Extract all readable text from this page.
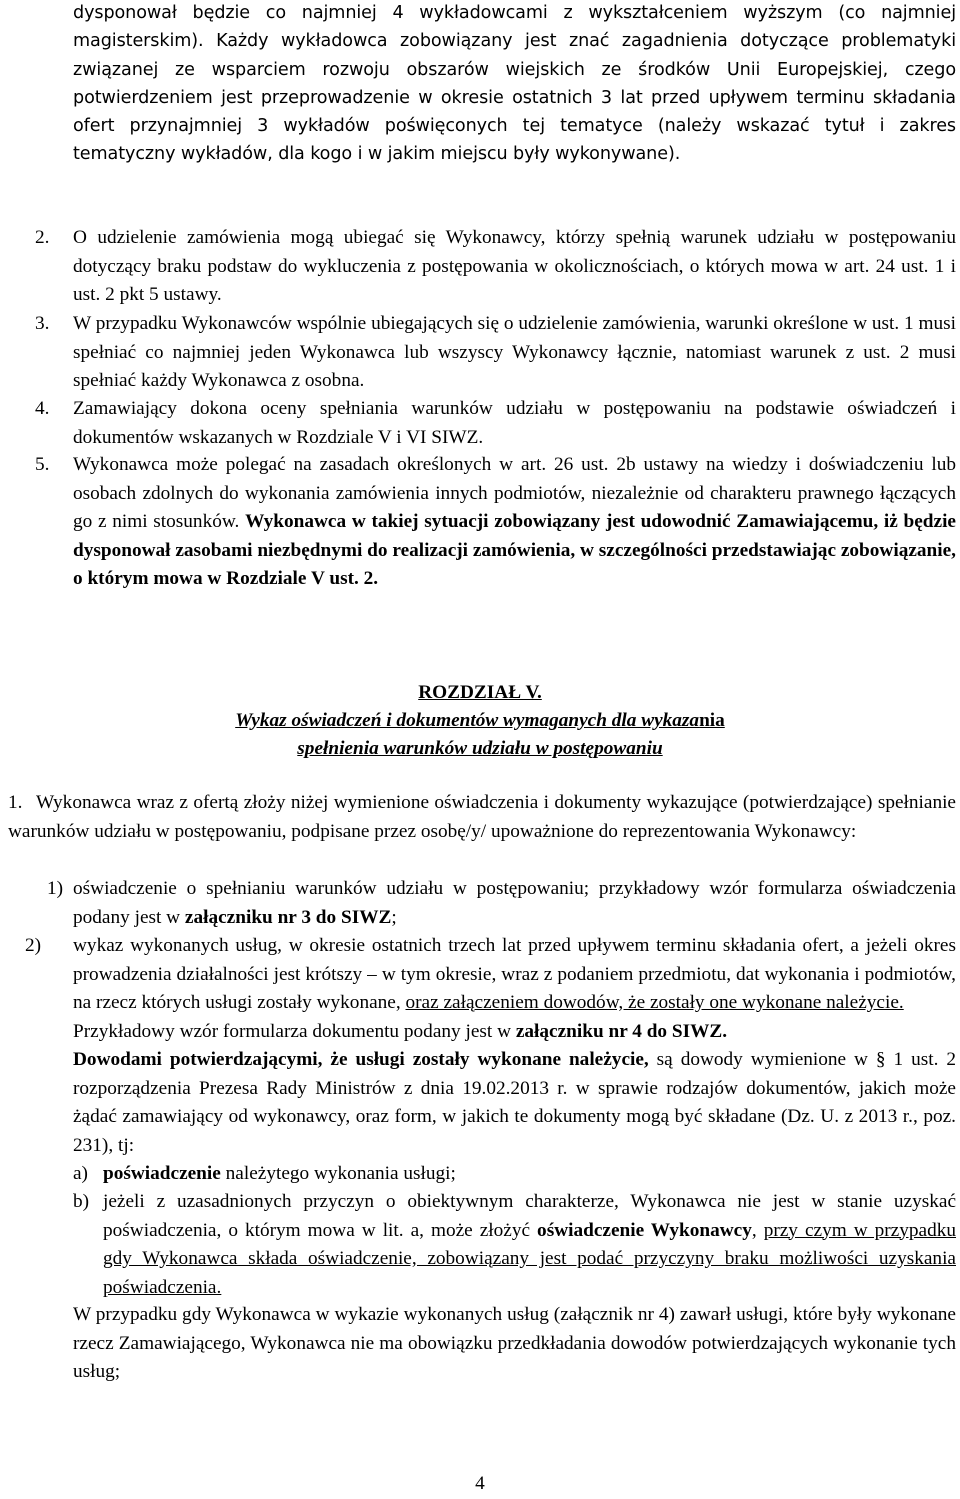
dysponował będzie co najmniej 4 wykładowcami z wykształceniem wyższym (co najmniej magisterskim). Każdy wykładowca zobowiązany jest znać zagadnienia dotyczące problematyki związanej ze wsparciem rozwoju obszarów wiejskich ze środków Unii Europejskiej, czego potwierdzeniem jest przeprowadzenie w okresie ostatnich 3 lat przed upływem terminu składania ofert przynajmniej 3 wykładów poświęconych tej tematyce (należy wskazać tytuł i zakres tematyczny wykładów, dla kogo i w jakim miejscu były wykonywane).
2. O udzielenie zamówienia mogą ubiegać się Wykonawcy, którzy spełnią warunek udziału w postępowaniu dotyczący braku podstaw do wykluczenia z postępowania w okolicznościach, o których mowa w art. 24 ust. 1 i ust. 2 pkt 5 ustawy.
3. W przypadku Wykonawców wspólnie ubiegających się o udzielenie zamówienia, warunki określone w ust. 1 musi spełniać co najmniej jeden Wykonawca lub wszyscy Wykonawcy łącznie, natomiast warunek z ust. 2 musi spełniać każdy Wykonawca z osobna.
4. Zamawiający dokona oceny spełniania warunków udziału w postępowaniu na podstawie oświadczeń i dokumentów wskazanych w Rozdziale V i VI SIWZ.
5. Wykonawca może polegać na zasadach określonych w art. 26 ust. 2b ustawy na wiedzy i doświadczeniu lub osobach zdolnych do wykonania zamówienia innych podmiotów, niezależnie od charakteru prawnego łączących go z nimi stosunków. Wykonawca w takiej sytuacji zobowiązany jest udowodnić Zamawiającemu, iż będzie dysponował zasobami niezbędnymi do realizacji zamówienia, w szczególności przedstawiając zobowiązanie, o którym mowa w Rozdziale V ust. 2.
ROZDZIAŁ V.
Wykaz oświadczeń i dokumentów wymaganych dla wykazania
spełnienia warunków udziału w postępowaniu
1. Wykonawca wraz z ofertą złoży niżej wymienione oświadczenia i dokumenty wykazujące (potwierdzające) spełnianie warunków udziału w postępowaniu, podpisane przez osobę/y/ upoważnione do reprezentowania Wykonawcy:
1) oświadczenie o spełnianiu warunków udziału w postępowaniu; przykładowy wzór formularza oświadczenia podany jest w załączniku nr 3 do SIWZ;
2) wykaz wykonanych usług, w okresie ostatnich trzech lat przed upływem terminu składania ofert, a jeżeli okres prowadzenia działalności jest krótszy – w tym okresie, wraz z podaniem przedmiotu, dat wykonania i podmiotów, na rzecz których usługi zostały wykonane, oraz załączeniem dowodów, że zostały one wykonane należycie.
Przykładowy wzór formularza dokumentu podany jest w załączniku nr 4 do SIWZ.
Dowodami potwierdzającymi, że usługi zostały wykonane należycie, są dowody wymienione w § 1 ust. 2 rozporządzenia Prezesa Rady Ministrów z dnia 19.02.2013 r. w sprawie rodzajów dokumentów, jakich może żądać zamawiający od wykonawcy, oraz form, w jakich te dokumenty mogą być składane (Dz. U. z 2013 r., poz. 231), tj:
a) poświadczenie należytego wykonania usługi;
b) jeżeli z uzasadnionych przyczyn o obiektywnym charakterze, Wykonawca nie jest w stanie uzyskać poświadczenia, o którym mowa w lit. a, może złożyć oświadczenie Wykonawcy, przy czym w przypadku gdy Wykonawca składa oświadczenie, zobowiązany jest podać przyczyny braku możliwości uzyskania poświadczenia.
W przypadku gdy Wykonawca w wykazie wykonanych usług (załącznik nr 4) zawarł usługi, które były wykonane rzecz Zamawiającego, Wykonawca nie ma obowiązku przedkładania dowodów potwierdzających wykonanie tych usług;
4
